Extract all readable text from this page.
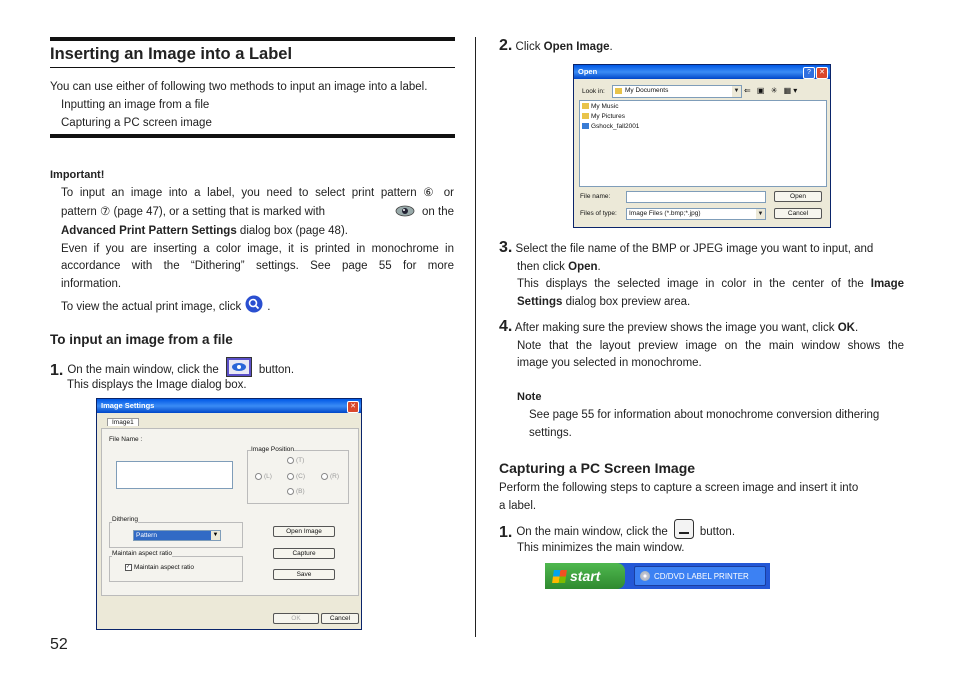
Inserting an Image into a Label
You can use either of following two methods to input an image into a label.
Inputting an image from a file
Capturing a PC screen image
Important!
To input an image into a label, you need to select print pattern ⑥ or
pattern ⑦ (page 47), or a setting that is marked with	on the
Advanced Print Pattern Settings dialog box (page 48).
Even if you are inserting a color image, it is printed in monochrome in
accordance with the “Dithering” settings. See page 55 for more
information.
To view the actual print image, click .
To input an image from a file
1. On the main window, click the	button.
This displays the Image dialog box.
Image Settings	✕
Image1
File Name :
Image Position
(T)
(L)	(C)	(R)
(B)
Dithering
Pattern	▼
Maintain aspect ratio
✓ Maintain aspect ratio
Open Image
Capture
Save
OK	Cancel
52
2. Click Open Image.
Open	?	✕
Look in:	My Documents	▼ ⇐ ▣ ✳ ▦▾
My Music
My Pictures
Gshock_fall2001
File name:	Open
Files of type: Image Files (*.bmp;*.jpg)	▼	Cancel
3. Select the file name of the BMP or JPEG image you want to input, and
then click Open.
This displays the selected image in color in the center of the Image
Settings dialog box preview area.
4. After making sure the preview shows the image you want, click OK.
Note that the layout preview image on the main window shows the
image you selected in monochrome.
Note
See page 55 for information about monochrome conversion dithering
settings.
Capturing a PC Screen Image
Perform the following steps to capture a screen image and insert it into
a label.
1. On the main window, click the	button.
This minimizes the main window.
start	CD/DVD LABEL PRINTER
